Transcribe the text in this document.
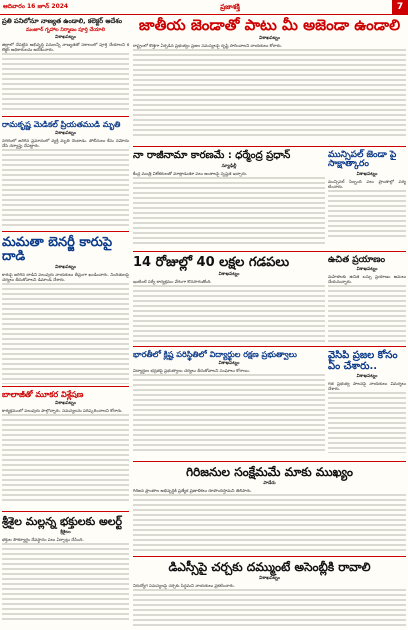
ఆదివారం 16 జూన్ 2024	ప్రజాశక్తి	7
ప్రతి పనిలోనూ నాణ్యత ఉండాలి, కలెక్టర్ ఆదేశం
మంజూర్ గృహాల నిర్మాణం పూర్తి చేయాలి
విశాఖపట్నం
జిల్లాలో చేపట్టిన అభివృద్ధి పనులన్నీ నాణ్యతతో సకాలంలో పూర్తి చేయాలని కలెక్టర్ అధికారులను ఆదేశించారు.
రామకృష్ణ మెడికల్ ప్రియతముడి మృతి
విశాఖపట్నం
నగరంలో జరిగిన ప్రమాదంలో వ్యక్తి మృతి చెందాడు. పోలీసులు కేసు నమోదు చేసి దర్యాప్తు చేపట్టారు.
మమతా బెనర్జీ కారుపై దాడి
విశాఖపట్నం
కారుపై జరిగిన దాడిని పలువురు నాయకులు తీవ్రంగా ఖండించారు. నిందితులపై చర్యలు తీసుకోవాలని డిమాండ్ చేశారు.
బాలాజీతో మూకర విశ్లేషణ
విశాఖపట్నం
కార్యక్రమంలో పలువురు పాల్గొన్నారు. సమస్యలను పరిష్కరించాలని కోరారు.
శ్రీశైల మల్లన్న భక్తులకు అలర్ట్
శ్రీశైలం
భక్తుల సౌకర్యార్థం దేవస్థానం పలు ఏర్పాట్లు చేసింది.
జాతీయ జెండాతో పాటు మీ అజెండా ఉండాలి
విశాఖపట్నం
రాష్ట్రంలో కొత్తగా ఏర్పడిన ప్రభుత్వం ప్రజల సమస్యలపై దృష్టి సారించాలని నాయకులు కోరారు.
నా రాజీనామా కారణమే : ధర్మేంద్ర ప్రధాన్
న్యూఢిల్లీ
కేంద్ర మంత్రి విలేకరులతో మాట్లాడుతూ పలు అంశాలపై స్పష్టత ఇచ్చారు.
మున్సిపల్ జెండా పై సాక్షాత్కారం
విశాఖపట్నం
మున్సిపల్ సిబ్బంది పలు ప్రాంతాల్లో పర్యటించారు.
14 రోజుల్లో 40 లక్షల గడపలు
విశాఖపట్నం
ఇంటింటి సర్వే కార్యక్రమం వేగంగా కొనసాగుతోంది.
ఉచిత ప్రయాణం
విశాఖపట్నం
మహిళలకు ఉచిత బస్సు ప్రయాణం అమలు చేయనున్నారు.
భారతీలో క్లిష్ట పరిస్థితిలో విద్యార్థుల రక్షణ ప్రభుత్వాలు
విశాఖపట్నం
విద్యార్థుల భద్రతపై ప్రభుత్వాలు చర్యలు తీసుకోవాలని సంఘాలు కోరాయి.
వైసిపి ప్రజల కోసం ఏం చేశారు..
విశాఖపట్నం
గత ప్రభుత్వ పాలనపై నాయకులు విమర్శలు చేశారు.
గిరిజనుల సంక్షేమమే మాకు ముఖ్యం
పాడేరు
గిరిజన ప్రాంతాల అభివృద్ధికి ప్రత్యేక ప్రణాళికలు రూపొందిస్తామని తెలిపారు.
డిఎస్సీపై చర్చకు దమ్ముంటే అసెంబ్లీకి రావాలి
విశాఖపట్నం
నిరుద్యోగ సమస్యలపై చర్చకు సిద్ధమని నాయకులు ప్రకటించారు.
